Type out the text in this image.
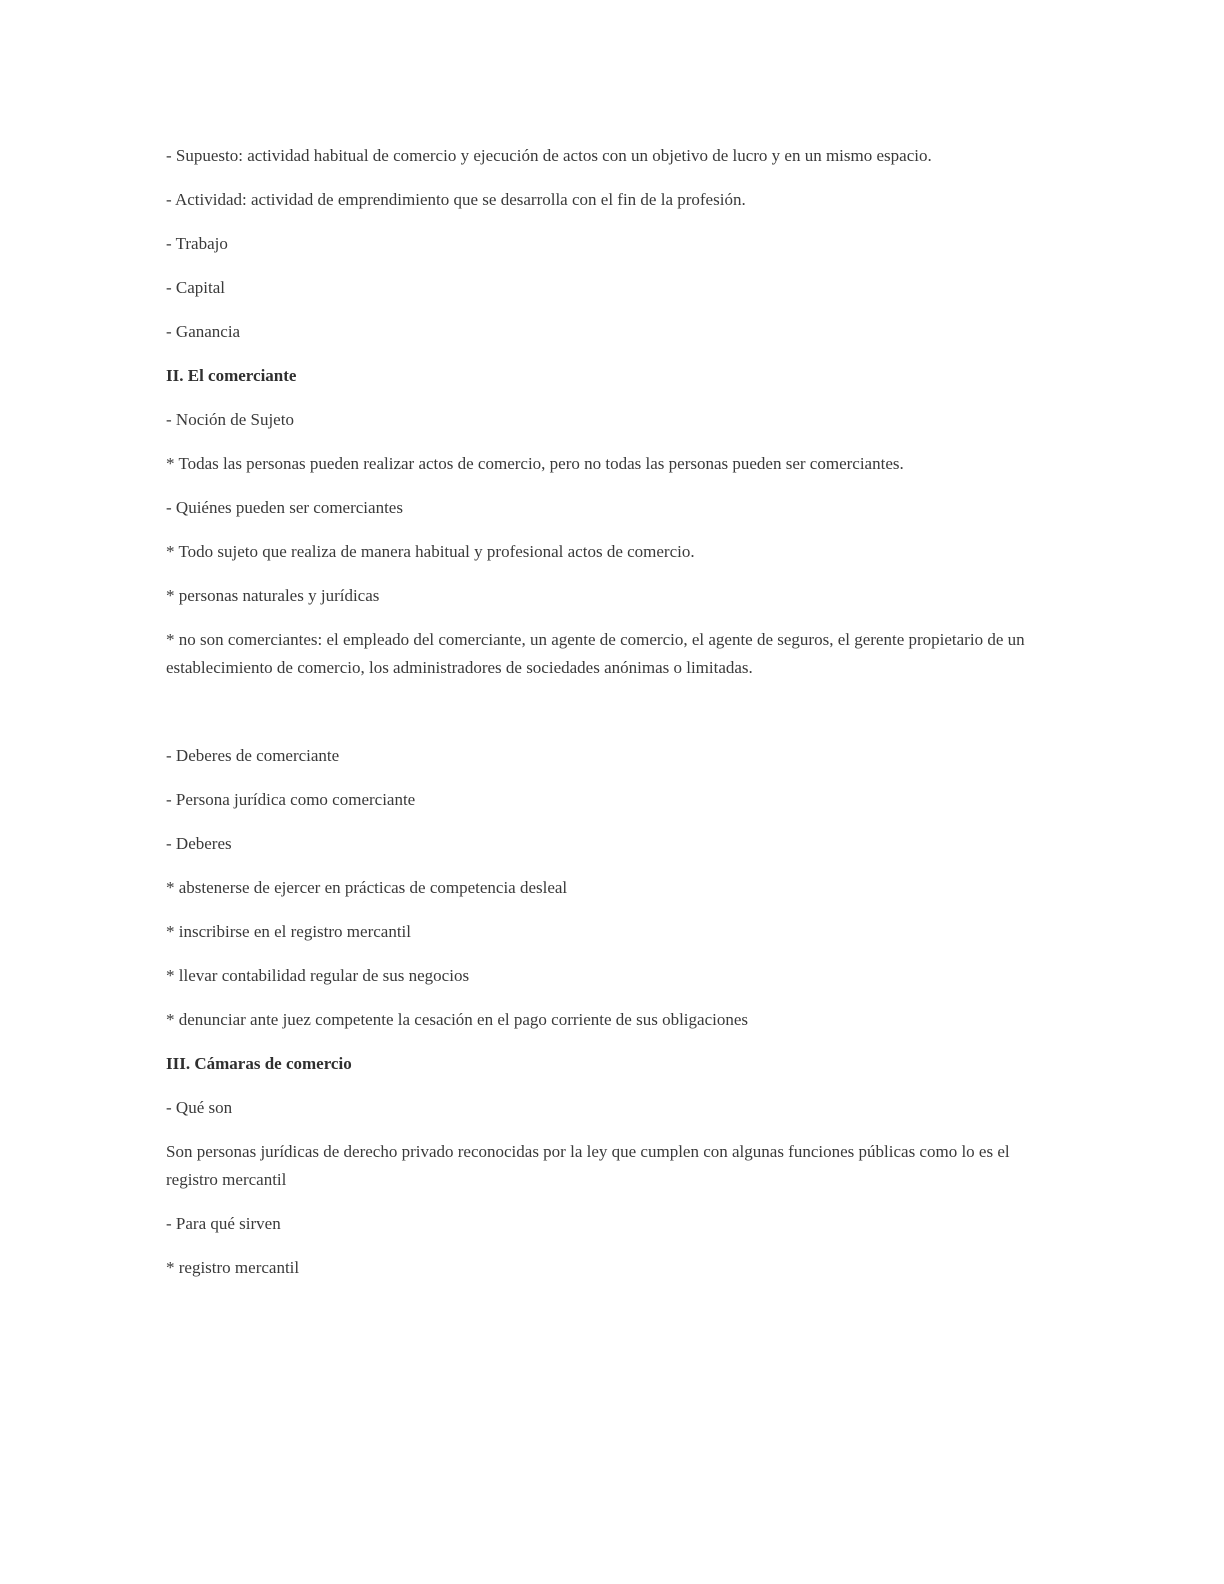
- Supuesto: actividad habitual de comercio y ejecución de actos con un objetivo de lucro y en un mismo espacio.

- Actividad: actividad de emprendimiento que se desarrolla con el fin de la profesión.

- Trabajo

- Capital

- Ganancia

II. El comerciante

- Noción de Sujeto

* Todas las personas pueden realizar actos de comercio, pero no todas las personas pueden ser comerciantes.

- Quiénes pueden ser comerciantes

* Todo sujeto que realiza de manera habitual y profesional actos de comercio.

* personas naturales y jurídicas

* no son comerciantes: el empleado del comerciante, un agente de comercio, el agente de seguros, el gerente propietario de un establecimiento de comercio, los administradores de sociedades anónimas o limitadas.

- Deberes de comerciante

- Persona jurídica como comerciante

- Deberes

* abstenerse de ejercer en prácticas de competencia desleal

* inscribirse en el registro mercantil

* llevar contabilidad regular de sus negocios

* denunciar ante juez competente la cesación en el pago corriente de sus obligaciones

III. Cámaras de comercio

- Qué son

Son personas jurídicas de derecho privado reconocidas por la ley que cumplen con algunas funciones públicas como lo es el registro mercantil

- Para qué sirven

* registro mercantil
